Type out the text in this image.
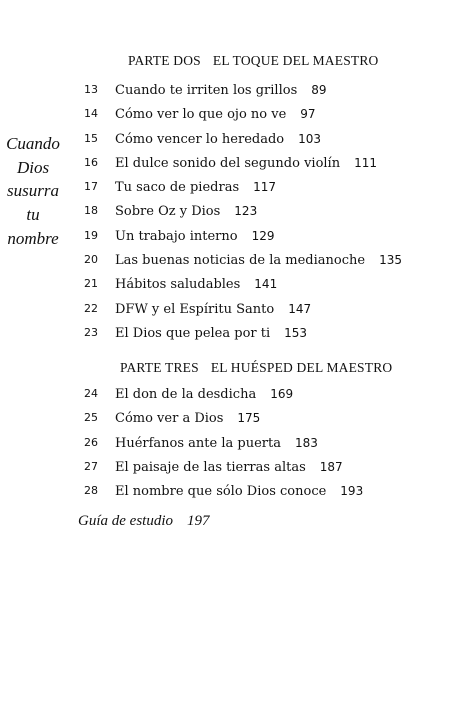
Cuando
Dios
susurra
tu
nombre
PARTE DOS EL TOQUE DEL MAESTRO
13	Cuando te irriten los grillos 89
14	Cómo ver lo que ojo no ve 97
15	Cómo vencer lo heredado 103
16	El dulce sonido del segundo violín 111
17	Tu saco de piedras 117
18	Sobre Oz y Dios 123
19	Un trabajo interno 129
20	Las buenas noticias de la medianoche 135
21	Hábitos saludables 141
22	DFW y el Espíritu Santo 147
23	El Dios que pelea por ti 153
PARTE TRES EL HUÉSPED DEL MAESTRO
24	El don de la desdicha 169
25	Cómo ver a Dios 175
26	Huérfanos ante la puerta 183
27	El paisaje de las tierras altas 187
28	El nombre que sólo Dios conoce 193
Guía de estudio 197
